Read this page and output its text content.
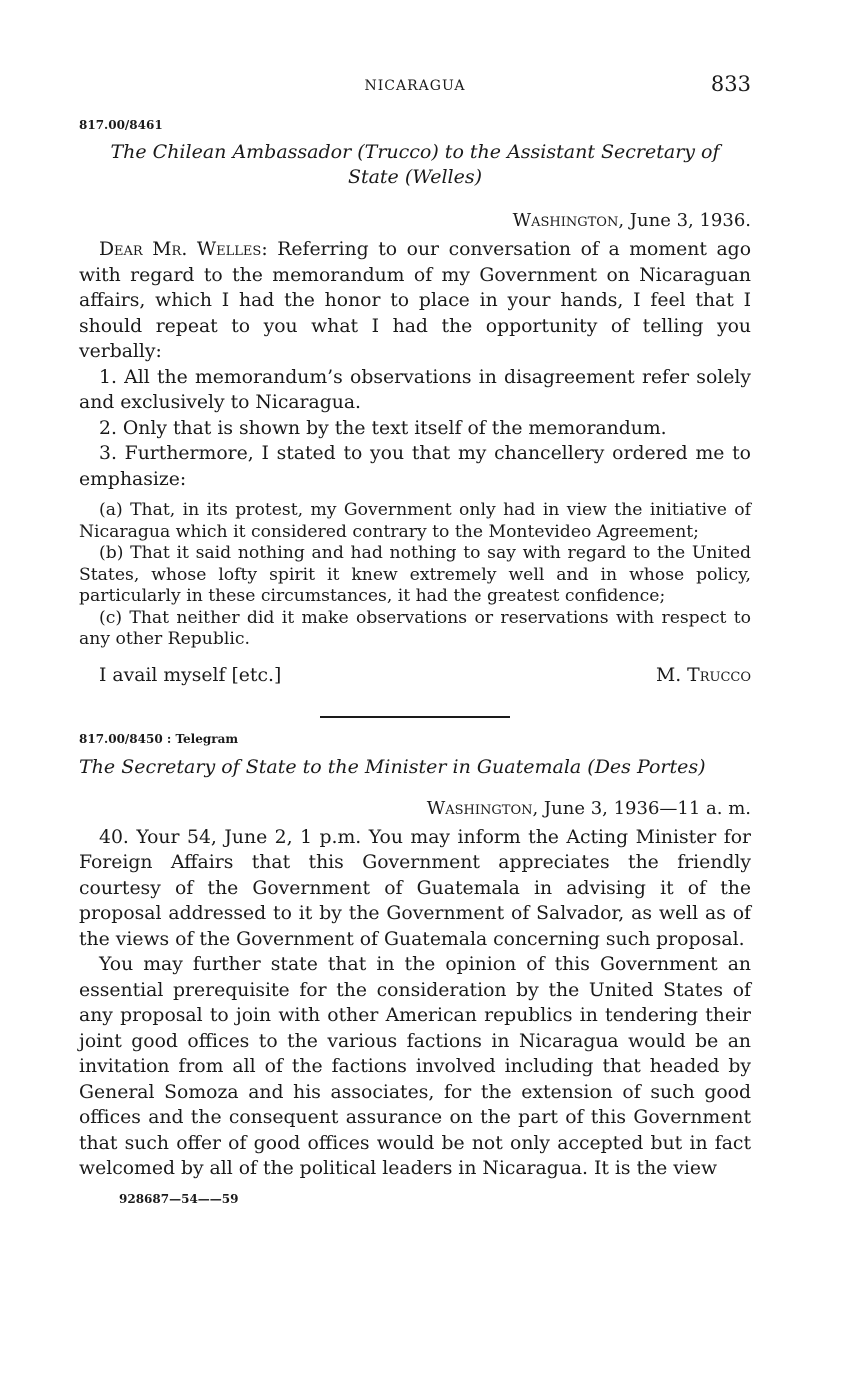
NICARAGUA	833
817.00/8461
The Chilean Ambassador (Trucco) to the Assistant Secretary of State (Welles)
Washington, June 3, 1936.

Dear Mr. Welles: Referring to our conversation of a moment ago with regard to the memorandum of my Government on Nicaraguan affairs, which I had the honor to place in your hands, I feel that I should repeat to you what I had the opportunity of telling you verbally:

1. All the memorandum’s observations in disagreement refer solely and exclusively to Nicaragua.

2. Only that is shown by the text itself of the memorandum.

3. Furthermore, I stated to you that my chancellery ordered me to emphasize:

(a) That, in its protest, my Government only had in view the initiative of Nicaragua which it considered contrary to the Montevideo Agreement;

(b) That it said nothing and had nothing to say with regard to the United States, whose lofty spirit it knew extremely well and in whose policy, particularly in these circumstances, it had the greatest confidence;

(c) That neither did it make observations or reservations with respect to any other Republic.

I avail myself [etc.]	M. Trucco
817.00/8450 : Telegram
The Secretary of State to the Minister in Guatemala (Des Portes)
Washington, June 3, 1936—11 a. m.

40. Your 54, June 2, 1 p.m. You may inform the Acting Minister for Foreign Affairs that this Government appreciates the friendly courtesy of the Government of Guatemala in advising it of the proposal addressed to it by the Government of Salvador, as well as of the views of the Government of Guatemala concerning such proposal.

You may further state that in the opinion of this Government an essential prerequisite for the consideration by the United States of any proposal to join with other American republics in tendering their joint good offices to the various factions in Nicaragua would be an invitation from all of the factions involved including that headed by General Somoza and his associates, for the extension of such good offices and the consequent assurance on the part of this Government that such offer of good offices would be not only accepted but in fact welcomed by all of the political leaders in Nicaragua. It is the view

928687—54——59
